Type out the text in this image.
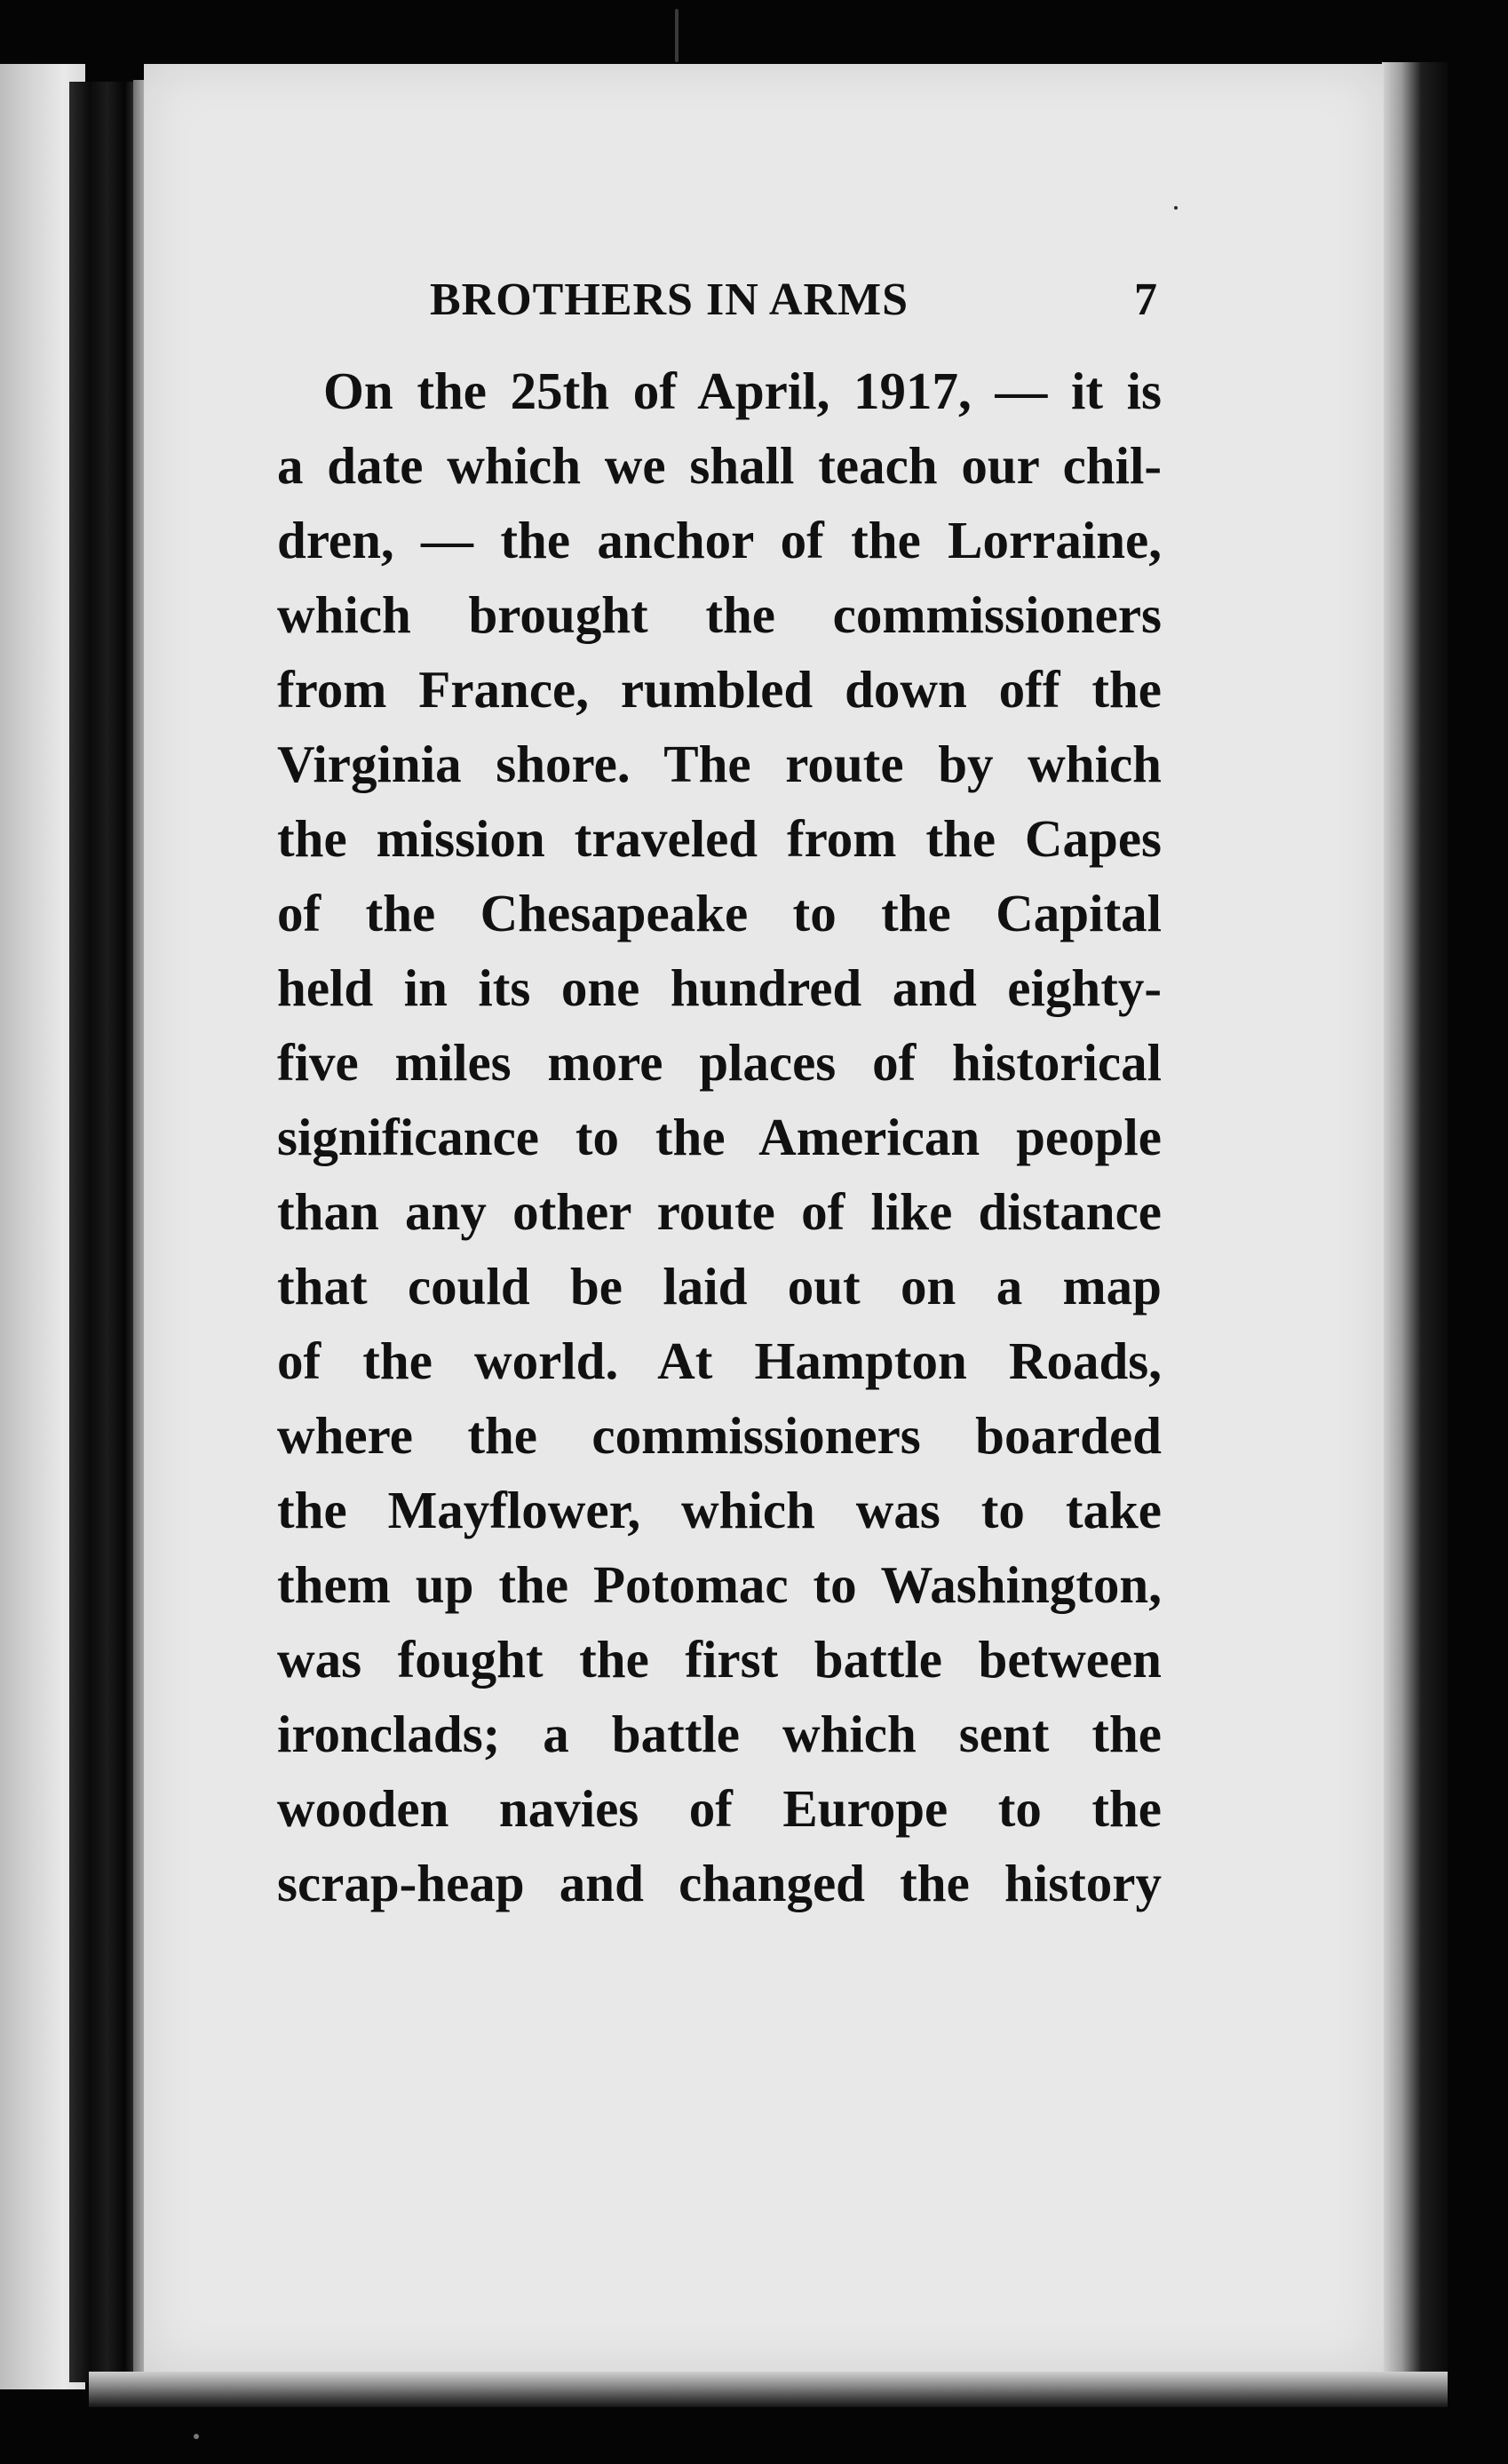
BROTHERS IN ARMS	7
On the 25th of April, 1917, — it is
a date which we shall teach our chil-
dren, — the anchor of the Lorraine,
which brought the commissioners
from France, rumbled down off the
Virginia shore. The route by which
the mission traveled from the Capes
of the Chesapeake to the Capital
held in its one hundred and eighty-
five miles more places of historical
significance to the American people
than any other route of like distance
that could be laid out on a map
of the world. At Hampton Roads,
where the commissioners boarded
the Mayflower, which was to take
them up the Potomac to Washington,
was fought the first battle between
ironclads; a battle which sent the
wooden navies of Europe to the
scrap-heap and changed the history
